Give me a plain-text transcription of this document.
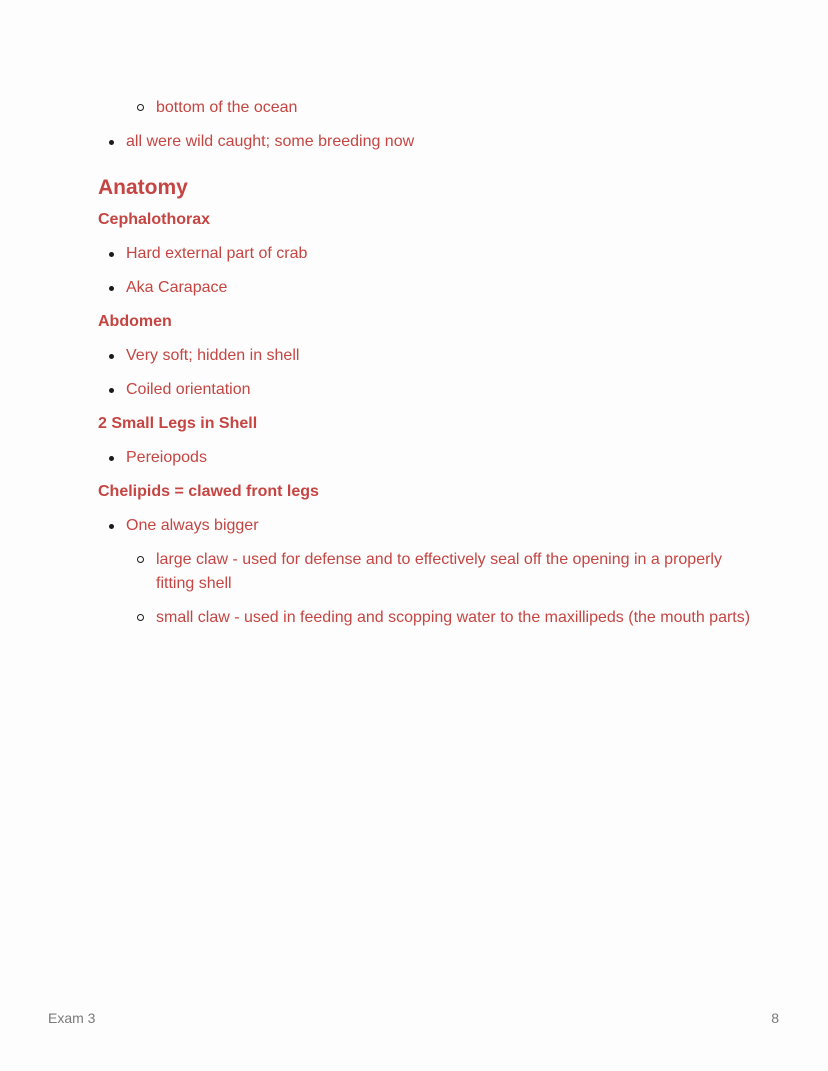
bottom of the ocean
all were wild caught; some breeding now
Anatomy
Cephalothorax
Hard external part of crab
Aka Carapace
Abdomen
Very soft; hidden in shell
Coiled orientation
2 Small Legs in Shell
Pereiopods
Chelipids = clawed front legs
One always bigger
large claw - used for defense and to effectively seal off the opening in a properly fitting shell
small claw - used in feeding and scopping water to the maxillipeds (the mouth parts)
Exam 3	8
